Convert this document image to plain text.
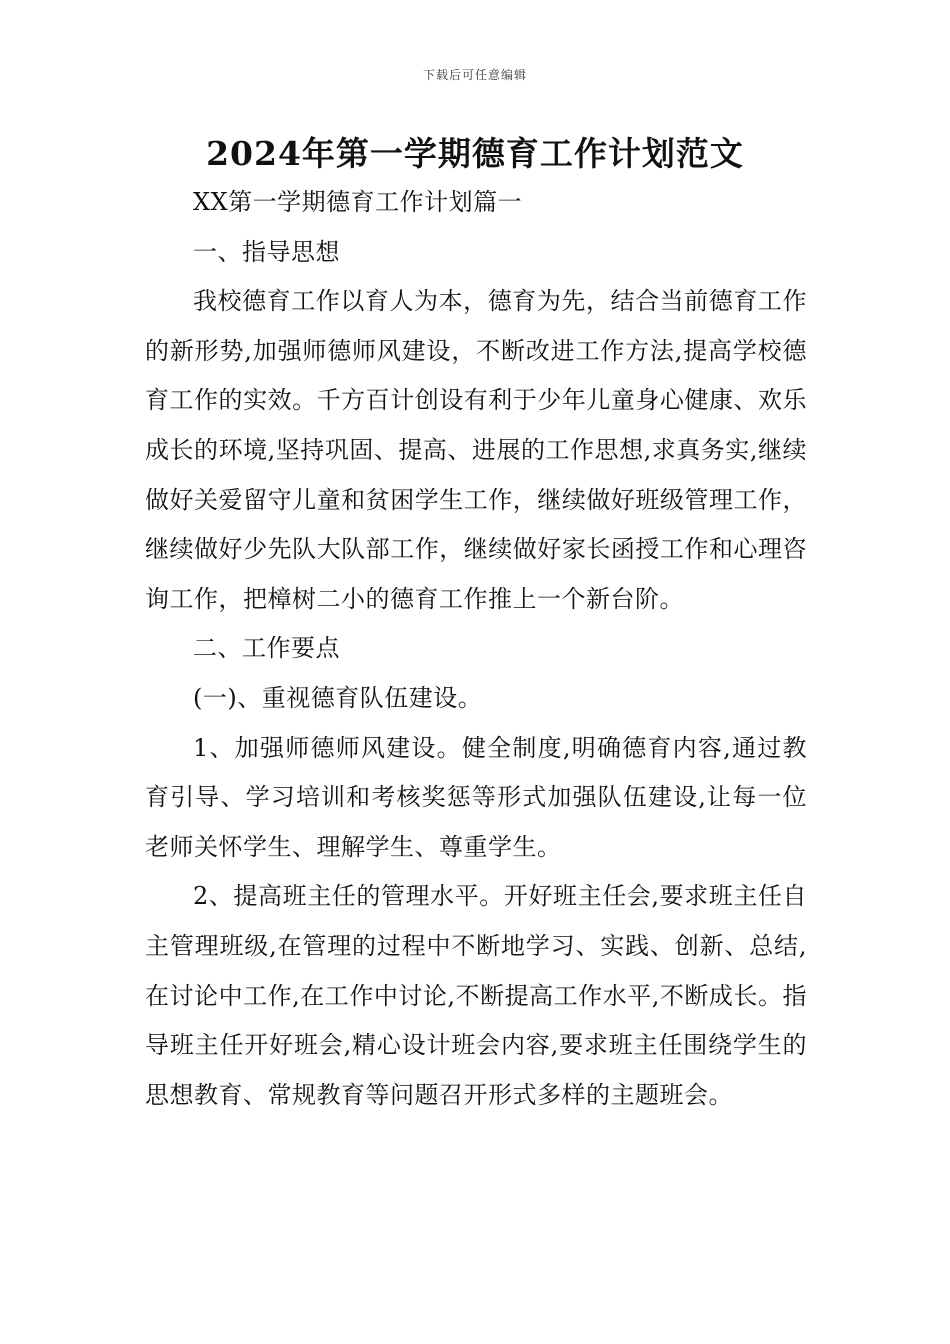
下载后可任意编辑
2024年第一学期德育工作计划范文

XX第一学期德育工作计划篇一

一、指导思想

我校德育工作以育人为本，德育为先，结合当前德育工作的新形势,加强师德师风建设，不断改进工作方法,提高学校德育工作的实效。千方百计创设有利于少年儿童身心健康、欢乐成长的环境,坚持巩固、提高、进展的工作思想,求真务实,继续做好关爱留守儿童和贫困学生工作，继续做好班级管理工作，继续做好少先队大队部工作，继续做好家长函授工作和心理咨询工作，把樟树二小的德育工作推上一个新台阶。

二、工作要点

(一)、重视德育队伍建设。

1、加强师德师风建设。健全制度,明确德育内容,通过教育引导、学习培训和考核奖惩等形式加强队伍建设,让每一位老师关怀学生、理解学生、尊重学生。

2、提高班主任的管理水平。开好班主任会,要求班主任自主管理班级,在管理的过程中不断地学习、实践、创新、总结,在讨论中工作,在工作中讨论,不断提高工作水平,不断成长。指导班主任开好班会,精心设计班会内容,要求班主任围绕学生的思想教育、常规教育等问题召开形式多样的主题班会。
